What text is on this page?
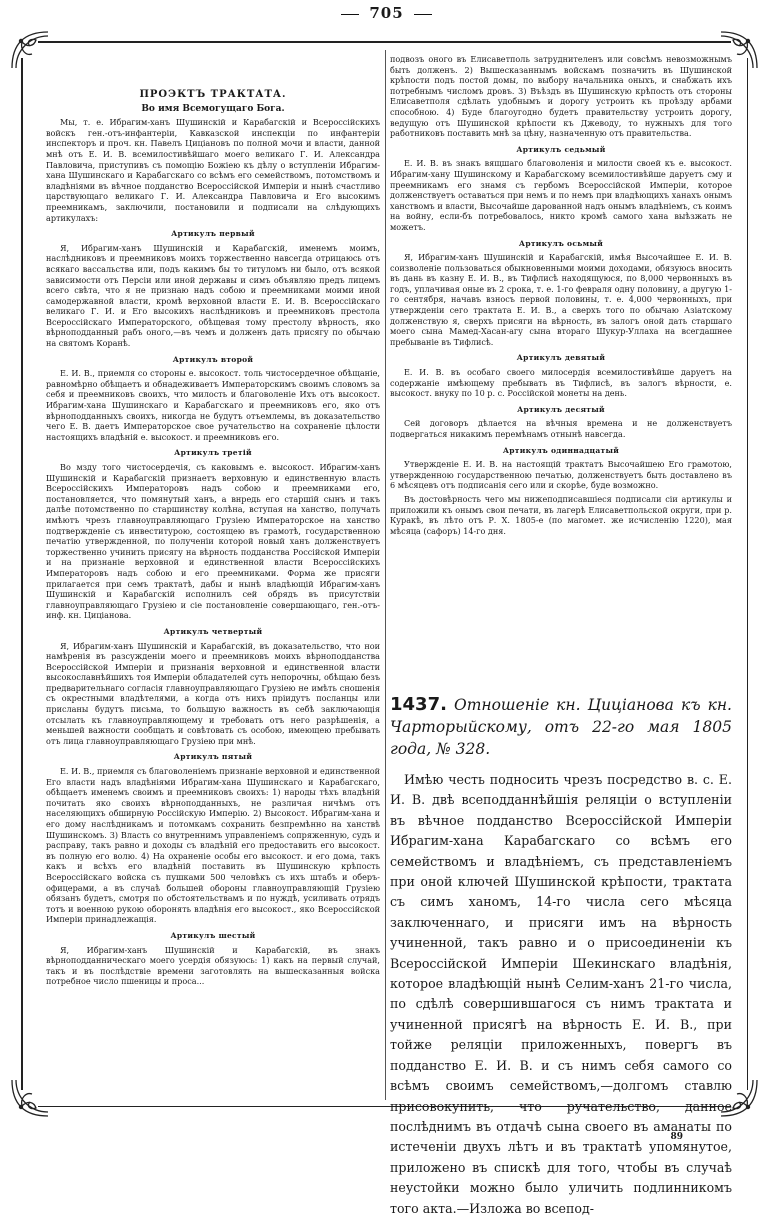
705
ПРОЭКТЪ ТРАКТАТА.
Во имя Всемогущаго Бога.

Мы, т. е. Ибрагим-ханъ Шушинскій и Карабагскій и Всероссійскихъ войскъ ген.-отъ-инфантеріи, Кавказской инспекціи по инфантеріи инспекторъ и проч. кн. Павелъ Цицiановъ по полной мочи и власти, данной мнѣ отъ Е. И. В. всемилостивѣйшаго моего великаго Г. И. Александра Павловича, приступивъ съ помощію Божіею къ дѣлу о вступленіи Ибрагим-хана Шушинскаго и Карабагскаго со всѣмъ его семействомъ, потомствомъ и владѣніями въ вѣчное подданство Всероссійской Имперіи и нынѣ счастливо царствующаго великаго Г. И. Александра Павловича и Его высокимъ преемникамъ, заключили, постановили и подписали на слѣдующихъ артикулахъ:

Артикулъ первый

Я, Ибрагим-ханъ Шушинскій и Карабагскій, именемъ моимъ, наслѣдниковъ и преемниковъ моихъ торжественно навсегда отрицаюсь отъ всякаго вассальства или, подъ какимъ бы то титуломъ ни было, отъ всякой зависимости отъ Персіи или иной державы и симъ объявляю предъ лицемъ всего свѣта, что я не признаю надъ собою и преемниками моими иной самодержавной власти, кромѣ верховной власти Е. И. В. Всероссійскаго великаго Г. И. и Его высокихъ наслѣдниковъ и преемниковъ престола Всероссійскаго Императорского, обѣщевая тому престолу вѣрность, яко вѣрноподданный рабъ оного,—въ чемъ и долженъ дать присягу по обычаю на святомъ Коранѣ.

Артикулъ второй

Е. И. В., приемля со стороны е. высокост. толь чистосердечное обѣщаніе, равномѣрно обѣщаетъ и обнадеживаетъ Императорскимъ своимъ словомъ за себя и преемниковъ своихъ, что милость и благоволеніе Ихъ отъ высокост. Ибрагим-хана Шушинскаго и Карабагскаго и преемниковъ его, яко отъ вѣрноподданныхъ своихъ, никогда не будутъ отъемлемы, въ доказательство чего Е. В. даетъ Императорское свое ручательство на сохраненіе цѣлости настоящихъ владѣній е. высокост. и преемниковъ его.

Артикулъ третій

Во мзду того чистосердечія, съ каковымъ е. высокост. Ибрагим-ханъ Шушинскій и Карабагскій признаетъ верховную и единственную власть Всероссійскихъ Императоровъ надъ собою и преемниками его, постановляется, что помянутый ханъ, а внредь его старшій сынъ и такъ далѣе потомственно по старшинству колѣна, вступая на ханство, получать имѣютъ чрезъ главноуправляющаго Грузіею Императорское на ханство подтвержденіе съ инвеститурою, состоящею въ грамотѣ, государственною печатію утвержденной, по полученіи которой новый ханъ долженствуетъ торжественно учинить присягу на вѣрность подданства Россійской Имперіи и на признаніе верховной и единственной власти Всероссійскихъ Императоровъ надъ собою и его преемниками. Форма же присяги прилагается при семъ трактатѣ, дабы и нынѣ владѣющій Ибрагим-ханъ Шушинскій и Карабагскій исполнилъ сей обрядъ въ присутствіи главноуправляющаго Грузіею и сіе постановленіе совершающаго, ген.-отъ-инф. кн. Цицiанова.

Артикулъ четвертый

Я, Ибрагим-ханъ Шушинскій и Карабагскій, въ доказательство, что нои намѣренія въ разсужденіи моего и преемниковъ моихъ вѣрноподданства Всероссійской Имперіи и признанія верховной и единственной власти высокославнѣйшихъ тоя Имперіи обладателей суть непорочны, обѣщаю безъ предварительнаго согласія главноуправляющаго Грузіею не имѣть сношенія съ окрестными владѣтелями, а когда отъ нихъ пріидутъ посланцы или присланы будутъ письма, то большую важность въ себѣ заключающія отсылать къ главноуправляющему и требовать отъ него разрѣшенія, а меньшей важности сообщать и совѣтовать съ особою, имеющею пребывать отъ лица главноуправляющаго Грузіею при мнѣ.

Артикулъ пятый

Е. И. В., приемля съ благоволеніемъ признаніе верховной и единственной Его власти надъ владѣніями Ибрагим-хана Шушинскаго и Карабагскаго, обѣщаетъ именемъ своимъ и преемниковъ своихъ: 1) народы тѣхъ владѣній почитать яко своихъ вѣрноподданныхъ, не различая ничѣмъ отъ населяющихъ обширную Россійскую Имперію. 2) Высокост. Ибрагим-хана и его дому наслѣдникамъ и потомкамъ сохранить безпремѣнно на ханствѣ Шушинскомъ. 3) Власть со внутреннимъ управленіемъ сопряженную, судъ и расправу, такъ равно и доходы съ владѣній его предоставить его высокост. въ полную его волю. 4) На охраненіе особы его высокост. и его дома, такъ какъ и всѣхъ его владѣній поставить въ Шушинскую крѣпость Всероссійскаго войска съ пушками 500 человѣкъ съ ихъ штабъ и оберъ-офицерами, а въ случаѣ большей обороны главноуправляющій Грузіею обязанъ будетъ, смотря по обстоятельствамъ и по нуждѣ, усиливать отрядъ тотъ и военною рукою оборонять владѣнія его высокост., яко Всероссійской Имперіи принадлежащія.

Артикулъ шестый

Я, Ибрагим-ханъ Шушинскій и Карабагскій, въ знакъ вѣрноподданническаго моего усердія обязуюсь: 1) какъ на первый случай, такъ и въ послѣдствіе времени заготовлять на вышесказанныя войска потребное число пшеницы и проса...

подвозъ оного въ Елисаветполь затруднителенъ или совсѣмъ невозможнымъ быть долженъ. 2) Вышесказаннымъ войскамъ позначить въ Шушинской крѣпости подъ постой домы, по выбору начальника оныхъ, и снабжать ихъ потребнымъ числомъ дровъ. 3) Въѣздъ въ Шушинскую крѣпость отъ стороны Елисаветполя сдѣлать удобнымъ и дорогу устроить къ проѣзду арбами способною. 4) Буде благоугодно будетъ правительству устроить дорогу, ведущую отъ Шушинской крѣпости къ Джеводу, то нужныхъ для того работниковъ поставить мнѣ за цѣну, назначенную отъ правительства.

Артикулъ седьмый

Е. И. В. въ знакъ вящшаго благоволенія и милости своей къ е. высокост. Ибрагим-хану Шушинскому и Карабагскому всемилостивѣйше даруетъ сму и преемникамъ его знамя съ гербомъ Всероссійской Имперіи, которое долженствуетъ оставаться при немъ и по немъ при владѣющихъ ханахъ онымъ ханствомъ и власти, Высочайше дарованной надъ онымъ владѣніемъ, съ коимъ на войну, если-бъ потребовалось, никто кромѣ самого хана выѣзжать не можетъ.

Артикулъ осьмый

Я, Ибрагим-ханъ Шушинскій и Карабагскій, имѣя Высочайшее Е. И. В. соизволеніе пользоваться обыкновенными моими доходами, обязуюсь вносить въ дань въ казну Е. И. В., въ Тифлисѣ находящуюся, по 8,000 червонныхъ въ годъ, уплачивая оные въ 2 срока, т. е. 1-го февраля одну половину, а другую 1-го сентября, начавъ взносъ первой половины, т. е. 4,000 червонныхъ, при утвержденіи сего трактата Е. И. В., а сверхъ того по обычаю Азіатскому долженствую я, сверхъ присяги на вѣрность, въ залогъ оной дать старшаго моего сына Мамед-Хасан-агу сына втораго Шукур-Уллаха на всегдашнее пребываніе въ Тифлисѣ.

Артикулъ девятый

Е. И. В. въ особаго своего милосердія всемилостивѣйше даруетъ на содержаніе имѣющему пребывать въ Тифлисѣ, въ залогъ вѣрности, е. высокост. внуку по 10 р. с. Россійской монеты на день.

Артикулъ десятый

Сей договоръ дѣлается на вѣчныя времена и не долженствуетъ подвергаться никакимъ перемѣнамъ отнынѣ навсегда.

Артикулъ одиннадцатый

Утвержденіе Е. И. В. на настоящій трактатъ Высочайшею Его грамотою, утвержденною государственною печатью, долженствуетъ быть доставлено въ 6 мѣсяцевъ отъ подписанія сего или и скорѣе, буде возможно.

Въ достовѣрность чего мы нижеподписавшіеся подписали сіи артикулы и приложили къ онымъ свои печати, въ лагерѣ Елисаветпольской округи, при р. Куракѣ, въ лѣто отъ Р. Х. 1805-е (по магомет. же исчисленію 1220), мая мѣсяца (сафоръ) 14-го дня.

1437. Отношеніе кн. Цицiанова къ кн. Чарторыйскому, отъ 22-го мая 1805 года, № 328.
Имѣю честь подносить чрезъ посредство в. с. Е. И. В. двѣ всеподданнѣйшія реляціи о вступленіи въ вѣчное подданство Всероссійской Имперіи Ибрагим-хана Карабагскаго со всѣмъ его семействомъ и владѣніемъ, съ представленіемъ при оной ключей Шушинской крѣпости, трактата съ симъ ханомъ, 14-го числа сего мѣсяца заключеннаго, и присяги имъ на вѣрность учиненной, такъ равно и о присоединеніи къ Всероссійской Имперіи Шекинскаго владѣнія, которое владѣющій нынѣ Селим-ханъ 21-го числа, по сдѣлѣ совершившагося съ нимъ трактата и учиненной присягѣ на вѣрность Е. И. В., при тойже реляціи приложенныхъ, повергъ въ подданство Е. И. В. и съ нимъ себя самого со всѣмъ своимъ семействомъ,—долгомъ ставлю присовокупить, что ручательство, данное послѣднимъ въ отдачѣ сына своего въ аманаты по истеченіи двухъ лѣтъ и въ трактатѣ упомянутое, приложено въ спискѣ для того, чтобы въ случаѣ неустойки можно было уличить подлинникомъ того акта.—Изложа во всепод-
89
